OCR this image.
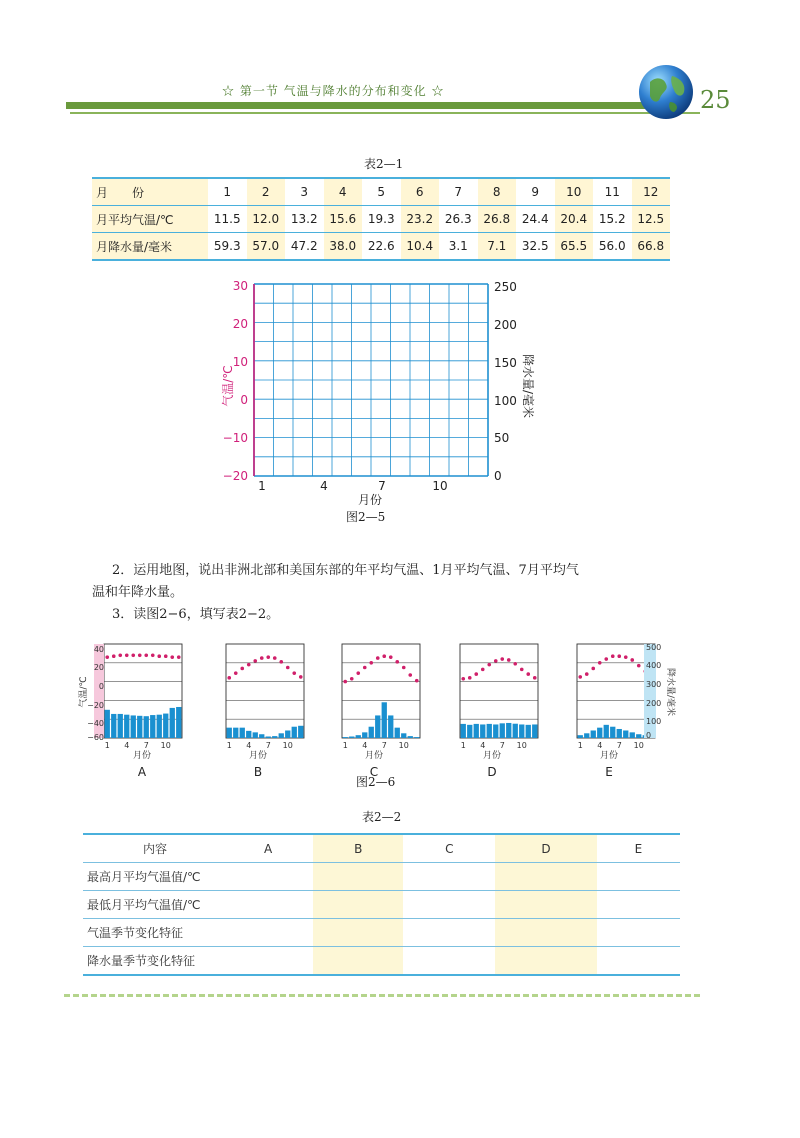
☆ 第一节 气温与降水的分布和变化 ☆	25
表2—1
月　　份	1	2	3	4	5	6	7	8	9	10	11	12
月平均气温/℃	11.5	12.0	13.2	15.6	19.3	23.2	26.3	26.8	24.4	20.4	15.2	12.5
月降水量/毫米	59.3	57.0	47.2	38.0	22.6	10.4	3.1	7.1	32.5	65.5	56.0	66.8
30
20
10
0
−10
−20
250
200
150
100
50
0
气温/℃	降水量/毫米
1	4	7	10
月份
图2—5
2．运用地图，说出非洲北部和美国东部的年平均气温、1月平均气温、7月平均气
温和年降水量。
3．读图2−6，填写表2−2。
1 4 7 10	1 4 7 10	1 4 7 10	1 4 7 10	1 4 7 10
A	B	C	D	E
月份	月份	月份	月份	月份
40
20
0
−20
−40
−60
气温/℃
500
400
300
200
100
0
降水量/毫米
图2—6
表2—2
内容	A	B	C	D	E
最高月平均气温值/℃					
最低月平均气温值/℃					
气温季节变化特征					
降水量季节变化特征					
